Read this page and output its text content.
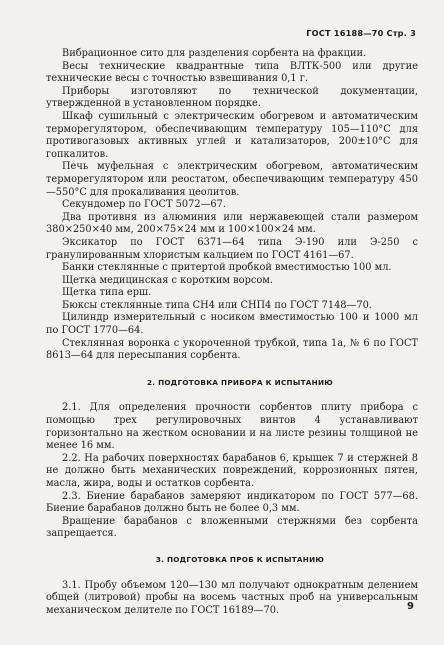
ГОСТ 16188—70 Стр. 3

Вибрационное сито для разделения сорбента на фракции.

Весы технические квадрантные типа ВЛТК-500 или другие технические весы с точностью взвешивания 0,1 г.

Приборы изготовляют по технической документации, утвержденной в установленном порядке.

Шкаф сушильный с электрическим обогревом и автоматическим терморегулятором, обеспечивающим температуру 105—110°С для противогазовых активных углей и катализаторов, 200±10°С для гопкалитов.

Печь муфельная с электрическим обогревом, автоматическим терморегулятором или реостатом, обеспечивающим температуру 450—550°С для прокаливания цеолитов.

Секундомер по ГОСТ 5072—67.

Два противня из алюминия или нержавеющей стали размером 380×250×40 мм, 200×75×24 мм и 100×100×24 мм.

Эксикатор по ГОСТ 6371—64 типа Э-190 или Э-250 с гранулированным хлористым кальцием по ГОСТ 4161—67.

Банки стеклянные с притертой пробкой вместимостью 100 мл.

Щетка медицинская с коротким ворсом.

Щетка типа ерш.

Бюксы стеклянные типа СН4 или СНП4 по ГОСТ 7148—70.

Цилиндр измерительный с носиком вместимостью 100 и 1000 мл по ГОСТ 1770—64.

Стеклянная воронка с укороченной трубкой, типа 1а, № 6 по ГОСТ 8613—64 для пересыпания сорбента.

2. ПОДГОТОВКА ПРИБОРА К ИСПЫТАНИЮ

2.1. Для определения прочности сорбентов плиту прибора с помощью трех регулировочных винтов 4 устанавливают горизонтально на жестком основании и на листе резины толщиной не менее 16 мм.

2.2. На рабочих поверхностях барабанов 6, крышек 7 и стержней 8 не должно быть механических повреждений, коррозионных пятен, масла, жира, воды и остатков сорбента.

2.3. Биение барабанов замеряют индикатором по ГОСТ 577—68. Биение барабанов должно быть не более 0,3 мм.

Вращение барабанов с вложенными стержнями без сорбента запрещается.

3. ПОДГОТОВКА ПРОБ К ИСПЫТАНИЮ

3.1. Пробу объемом 120—130 мл получают однократным делением общей (литровой) пробы на восемь частных проб на универсальным механическом делителе по ГОСТ 16189—70.	9
